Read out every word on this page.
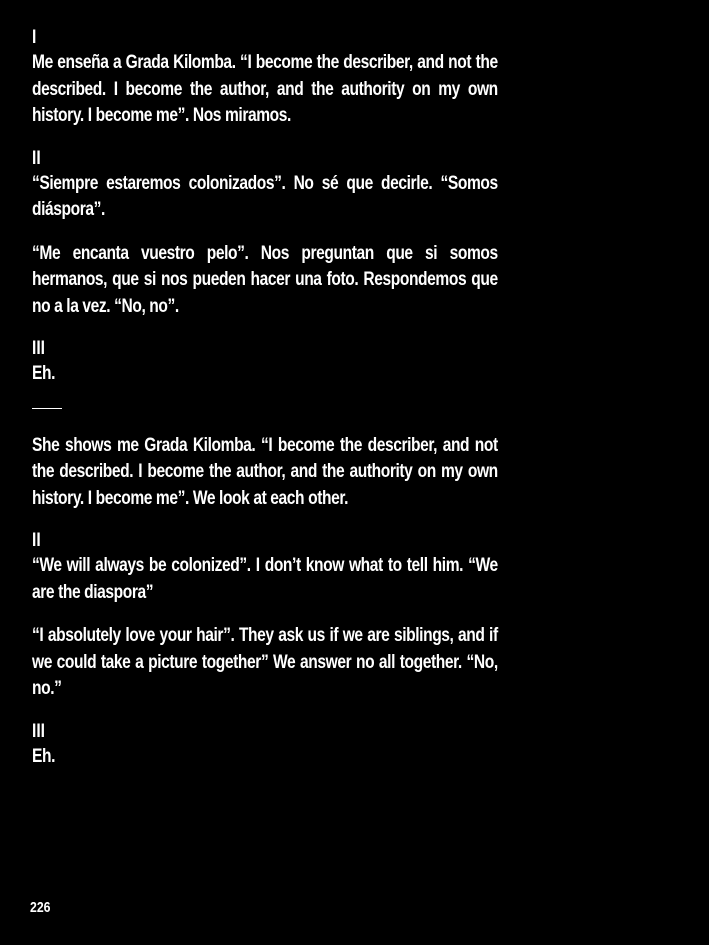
I

Me enseña a Grada Kilomba. “I become the describer, and not the described. I become the author, and the authority on my own history. I become me”. Nos miramos.

II

“Siempre estaremos colonizados”. No sé que decirle. “Somos diáspora”.

“Me encanta vuestro pelo”. Nos preguntan que si somos hermanos, que si nos pueden hacer una foto. Respondemos que no a la vez. “No, no”.

III

Eh.

She shows me Grada Kilomba. “I become the describer, and not the described. I become the author, and the authority on my own history. I become me”. We look at each other.

II

“We will always be colonized”. I don’t know what to tell him. “We are the diaspora”

“I absolutely love your hair”. They ask us if we are siblings, and if we could take a picture together” We answer no all together. “No, no.”

III

Eh.

226
